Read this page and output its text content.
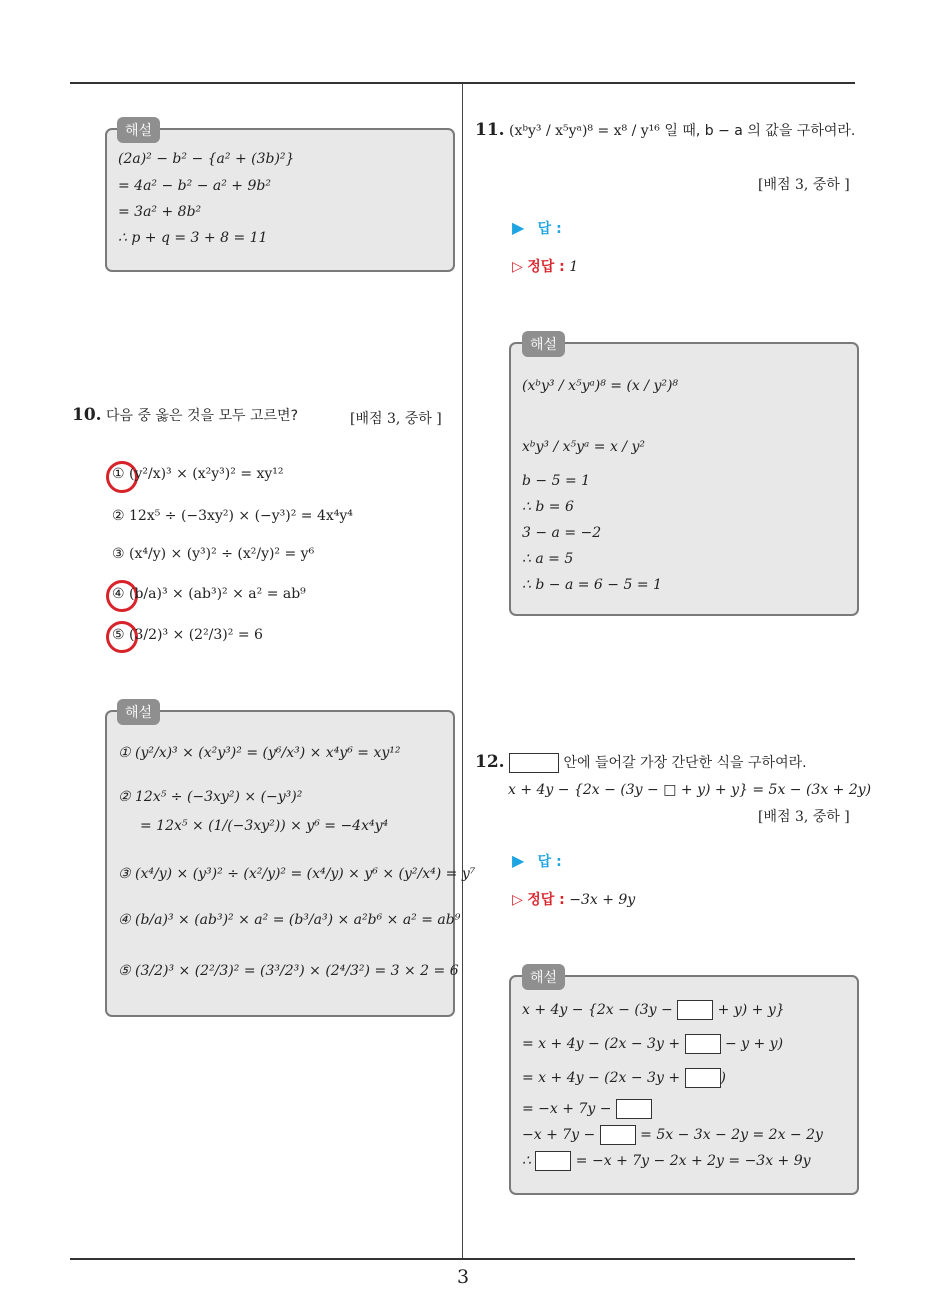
3
해설
(2a)² − b² − {a² + (3b)²}
= 4a² − b² − a² + 9b²
= 3a² + 8b²
∴ p + q = 3 + 8 = 11
10. 다음 중 옳은 것을 모두 고르면?	[배점 3, 중하 ]
① (y²/x)³ × (x²y³)² = xy¹²
② 12x⁵ ÷ (−3xy²) × (−y³)² = 4x⁴y⁴
③ (x⁴/y) × (y³)² ÷ (x²/y)² = y⁶
④ (b/a)³ × (ab³)² × a² = ab⁹
⑤ (3/2)³ × (2²/3)² = 6
해설
① (y²/x)³ × (x²y³)² = (y⁶/x³) × x⁴y⁶ = xy¹²
② 12x⁵ ÷ (−3xy²) × (−y³)²
= 12x⁵ × (1/(−3xy²)) × y⁶ = −4x⁴y⁴
③ (x⁴/y) × (y³)² ÷ (x²/y)² = (x⁴/y) × y⁶ × (y²/x⁴) = y⁷
④ (b/a)³ × (ab³)² × a² = (b³/a³) × a²b⁶ × a² = ab⁹
⑤ (3/2)³ × (2²/3)² = (3³/2³) × (2⁴/3²) = 3 × 2 = 6
11. (xᵇy³ / x⁵yᵃ)⁸ = x⁸ / y¹⁶ 일 때, b − a 의 값을 구하여라.
[배점 3, 중하 ]
▶ 답 :
▷ 정답 : 1
해설
(xᵇy³ / x⁵yᵃ)⁸ = (x / y²)⁸
xᵇy³ / x⁵yᵃ = x / y²
b − 5 = 1
∴ b = 6
3 − a = −2
∴ a = 5
∴ b − a = 6 − 5 = 1
12.	안에 들어갈 가장 간단한 식을 구하여라.
x + 4y − {2x − (3y − □ + y) + y} = 5x − (3x + 2y)
[배점 3, 중하 ]
▶ 답 :
▷ 정답 : −3x + 9y
해설
x + 4y − {2x − (3y −	+ y) + y}
= x + 4y − (2x − 3y +	− y + y)
= x + 4y − (2x − 3y +	)
= −x + 7y −
−x + 7y −	= 5x − 3x − 2y = 2x − 2y
∴	= −x + 7y − 2x + 2y = −3x + 9y
